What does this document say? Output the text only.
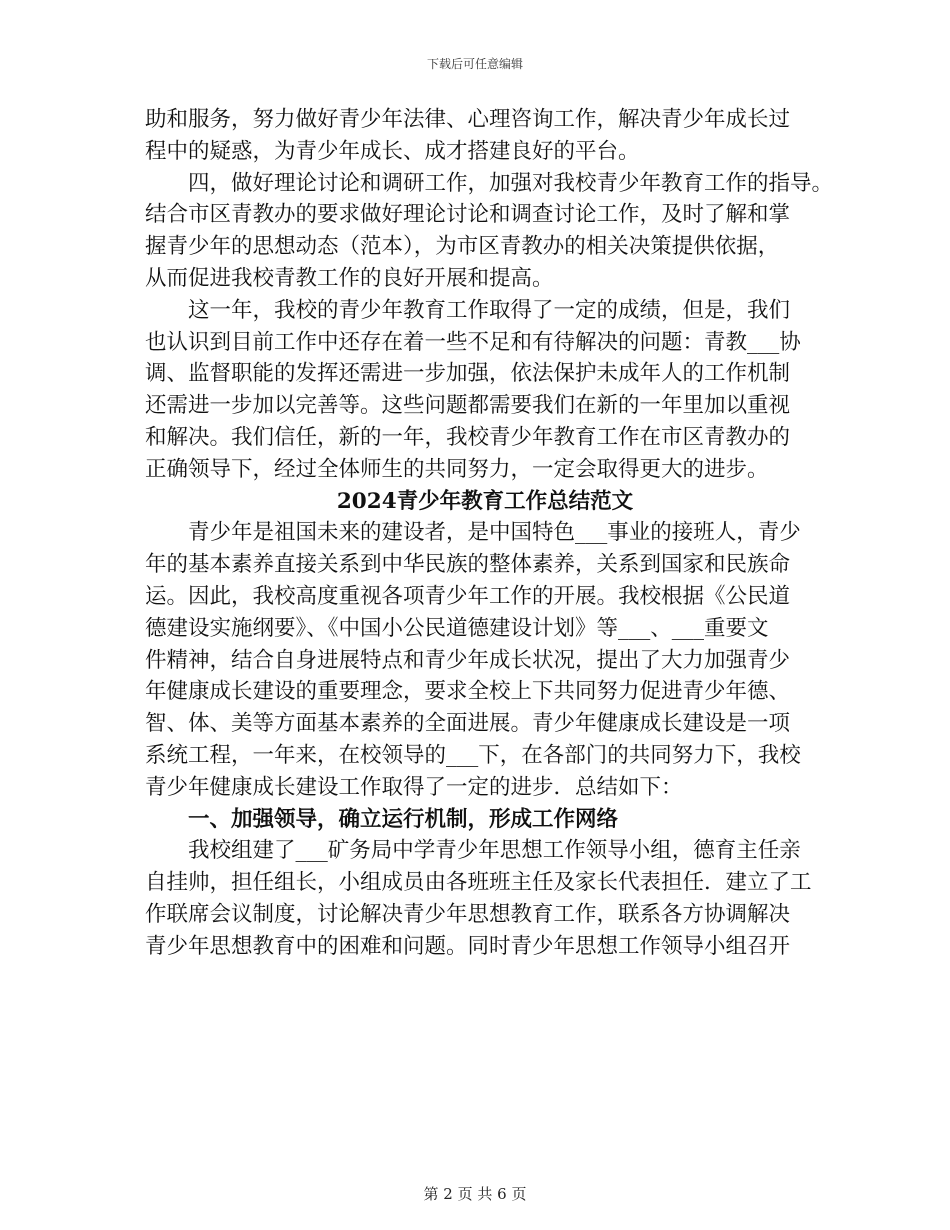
下载后可任意编辑
助和服务，努力做好青少年法律、心理咨询工作，解决青少年成长过
程中的疑惑，为青少年成长、成才搭建良好的平台。
　　四，做好理论讨论和调研工作，加强对我校青少年教育工作的指导。
结合市区青教办的要求做好理论讨论和调查讨论工作，及时了解和掌
握青少年的思想动态（范本），为市区青教办的相关决策提供依据，
从而促进我校青教工作的良好开展和提高。
　　这一年，我校的青少年教育工作取得了一定的成绩，但是，我们
也认识到目前工作中还存在着一些不足和有待解决的问题：青教___协
调、监督职能的发挥还需进一步加强，依法保护未成年人的工作机制
还需进一步加以完善等。这些问题都需要我们在新的一年里加以重视
和解决。我们信任，新的一年，我校青少年教育工作在市区青教办的
正确领导下，经过全体师生的共同努力，一定会取得更大的进步。
2024青少年教育工作总结范文
　　青少年是祖国未来的建设者，是中国特色___事业的接班人，青少
年的基本素养直接关系到中华民族的整体素养，关系到国家和民族命
运。因此，我校高度重视各项青少年工作的开展。我校根据《公民道
德建设实施纲要》、《中国小公民道德建设计划》等___、___重要文
件精神，结合自身进展特点和青少年成长状况，提出了大力加强青少
年健康成长建设的重要理念，要求全校上下共同努力促进青少年德、
智、体、美等方面基本素养的全面进展。青少年健康成长建设是一项
系统工程，一年来，在校领导的___下，在各部门的共同努力下，我校
青少年健康成长建设工作取得了一定的进步．总结如下：
　　一、加强领导，确立运行机制，形成工作网络
　　我校组建了___矿务局中学青少年思想工作领导小组，德育主任亲
自挂帅，担任组长，小组成员由各班班主任及家长代表担任．建立了工
作联席会议制度，讨论解决青少年思想教育工作，联系各方协调解决
青少年思想教育中的困难和问题。同时青少年思想工作领导小组召开
第 2 页 共 6 页
